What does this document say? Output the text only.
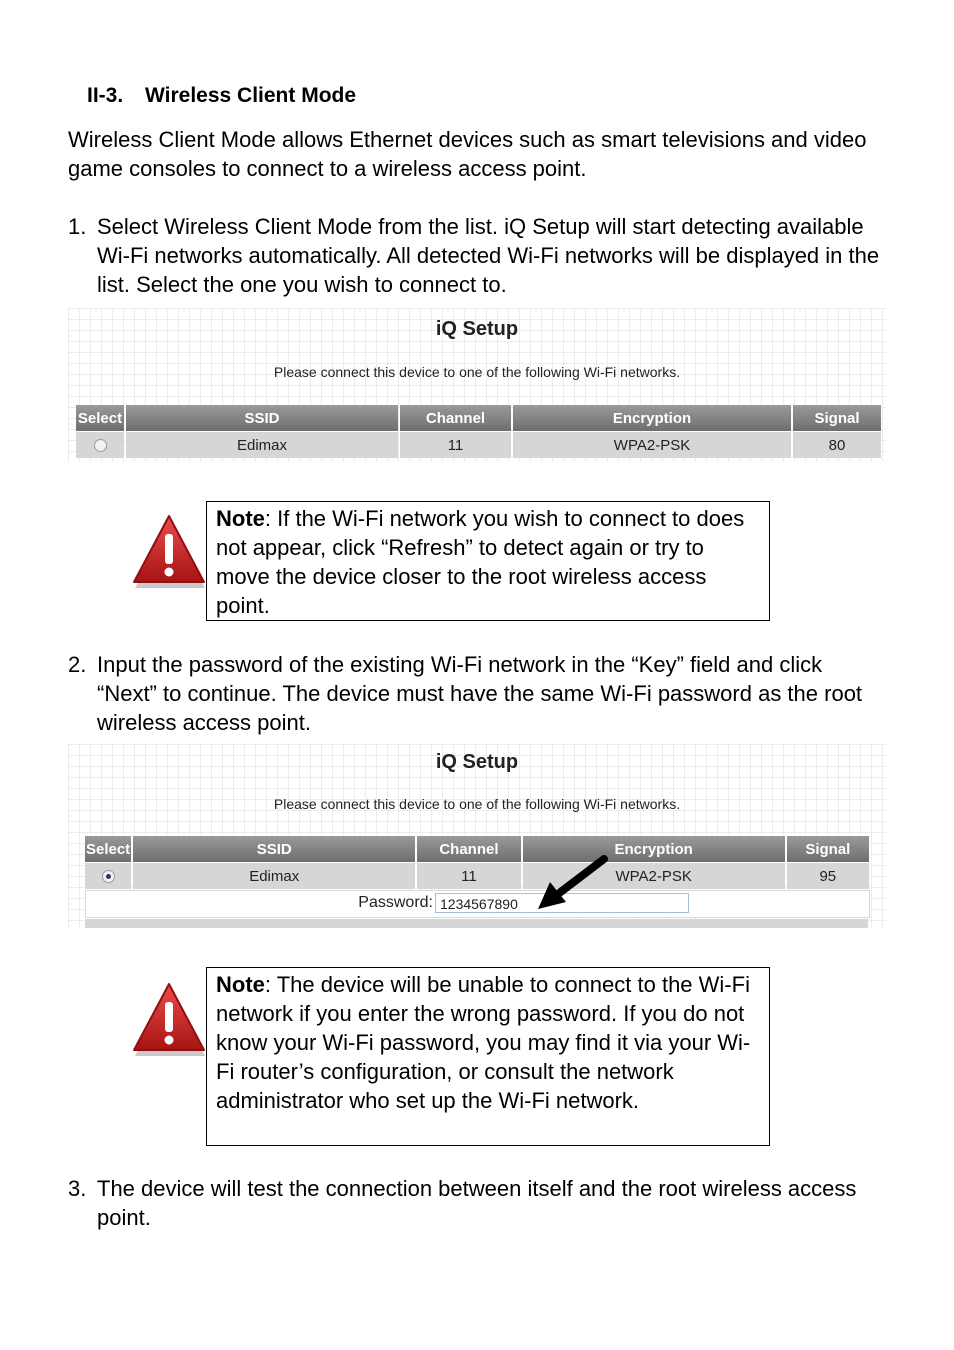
II-3. Wireless Client Mode
Wireless Client Mode allows Ethernet devices such as smart televisions and video game consoles to connect to a wireless access point.
1. Select Wireless Client Mode from the list. iQ Setup will start detecting available Wi-Fi networks automatically. All detected Wi-Fi networks will be displayed in the list. Select the one you wish to connect to.
iQ Setup
Please connect this device to one of the following Wi-Fi networks.
Select	SSID	Channel	Encryption	Signal
	Edimax	11	WPA2-PSK	80
Note: If the Wi-Fi network you wish to connect to does not appear, click “Refresh” to detect again or try to move the device closer to the root wireless access point.
2. Input the password of the existing Wi-Fi network in the “Key” field and click “Next” to continue. The device must have the same Wi-Fi password as the root wireless access point.
iQ Setup
Please connect this device to one of the following Wi-Fi networks.
Select	SSID	Channel	Encryption	Signal
	Edimax	11	WPA2-PSK	95
Password: 1234567890
Note: The device will be unable to connect to the Wi-Fi network if you enter the wrong password. If you do not know your Wi-Fi password, you may find it via your Wi-Fi router’s configuration, or consult the network administrator who set up the Wi-Fi network.
3. The device will test the connection between itself and the root wireless access point.
